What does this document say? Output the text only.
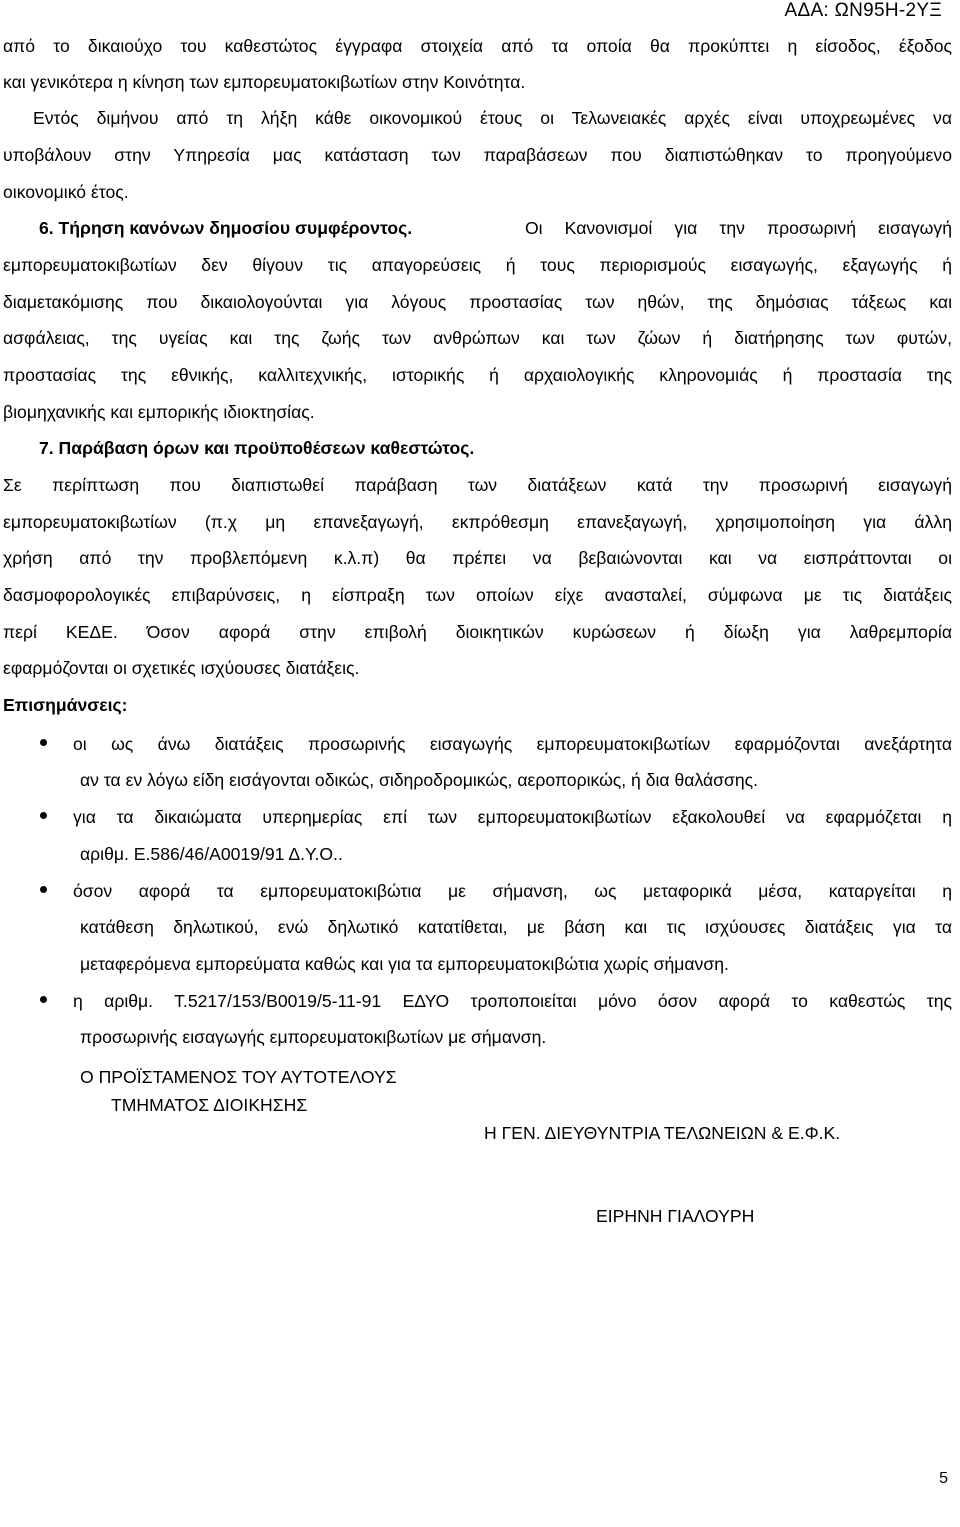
ΑΔΑ: ΩΝ95Η-2ΥΞ
από το δικαιούχο του καθεστώτος έγγραφα στοιχεία από τα οποία θα προκύπτει η είσοδος, έξοδος
και γενικότερα η κίνηση των εμπορευματοκιβωτίων στην Κοινότητα.
Εντός διμήνου από τη λήξη κάθε οικονομικού έτους οι Τελωνειακές αρχές είναι υποχρεωμένες να
υποβάλουν στην Υπηρεσία μας κατάσταση των παραβάσεων που διαπιστώθηκαν το προηγούμενο
οικονομικό έτος.
6. Τήρηση κανόνων δημοσίου συμφέροντος.	Οι Κανονισμοί για την προσωρινή εισαγωγή
εμπορευματοκιβωτίων δεν θίγουν τις απαγορεύσεις ή τους περιορισμούς εισαγωγής, εξαγωγής ή
διαμετακόμισης που δικαιολογούνται για λόγους προστασίας των ηθών, της δημόσιας τάξεως και
ασφάλειας, της υγείας και της ζωής των ανθρώπων και των ζώων ή διατήρησης των φυτών,
προστασίας της εθνικής, καλλιτεχνικής, ιστορικής ή αρχαιολογικής κληρονομιάς ή προστασία της
βιομηχανικής και εμπορικής ιδιοκτησίας.
7. Παράβαση όρων και προϋποθέσεων καθεστώτος.
Σε περίπτωση που διαπιστωθεί παράβαση των διατάξεων κατά την προσωρινή εισαγωγή
εμπορευματοκιβωτίων (π.χ μη επανεξαγωγή, εκπρόθεσμη επανεξαγωγή, χρησιμοποίηση για άλλη
χρήση από την προβλεπόμενη κ.λ.π) θα πρέπει να βεβαιώνονται και να εισπράττονται οι
δασμοφορολογικές επιβαρύνσεις, η είσπραξη των οποίων είχε ανασταλεί, σύμφωνα με τις διατάξεις
περί ΚΕΔΕ. Όσον αφορά στην επιβολή διοικητικών κυρώσεων ή δίωξη για λαθρεμπορία
εφαρμόζονται οι σχετικές ισχύουσες διατάξεις.
Επισημάνσεις:
οι ως άνω διατάξεις προσωρινής εισαγωγής εμπορευματοκιβωτίων εφαρμόζονται ανεξάρτητα
αν τα εν λόγω είδη εισάγονται οδικώς, σιδηροδρομικώς, αεροπορικώς, ή δια θαλάσσης.
για τα δικαιώματα υπερημερίας επί των εμπορευματοκιβωτίων εξακολουθεί να εφαρμόζεται η
αριθμ. Ε.586/46/Α0019/91 Δ.Υ.Ο..
όσον αφορά τα εμπορευματοκιβώτια με σήμανση, ως μεταφορικά μέσα, καταργείται η
κατάθεση δηλωτικού, ενώ δηλωτικό κατατίθεται, με βάση και τις ισχύουσες διατάξεις για τα
μεταφερόμενα εμπορεύματα καθώς και για τα εμπορευματοκιβώτια χωρίς σήμανση.
η αριθμ. Τ.5217/153/Β0019/5-11-91 ΕΔΥΟ τροποποιείται μόνο όσον αφορά το καθεστώς της
προσωρινής εισαγωγής εμπορευματοκιβωτίων με σήμανση.
Ο ΠΡΟΪΣΤΑΜΕΝΟΣ ΤΟΥ ΑΥΤΟΤΕΛΟΥΣ
ΤΜΗΜΑΤΟΣ ΔΙΟΙΚΗΣΗΣ
Η ΓΕΝ. ΔΙΕΥΘΥΝΤΡΙΑ ΤΕΛΩΝΕΙΩΝ & Ε.Φ.Κ.
ΕΙΡΗΝΗ ΓΙΑΛΟΥΡΗ
5
